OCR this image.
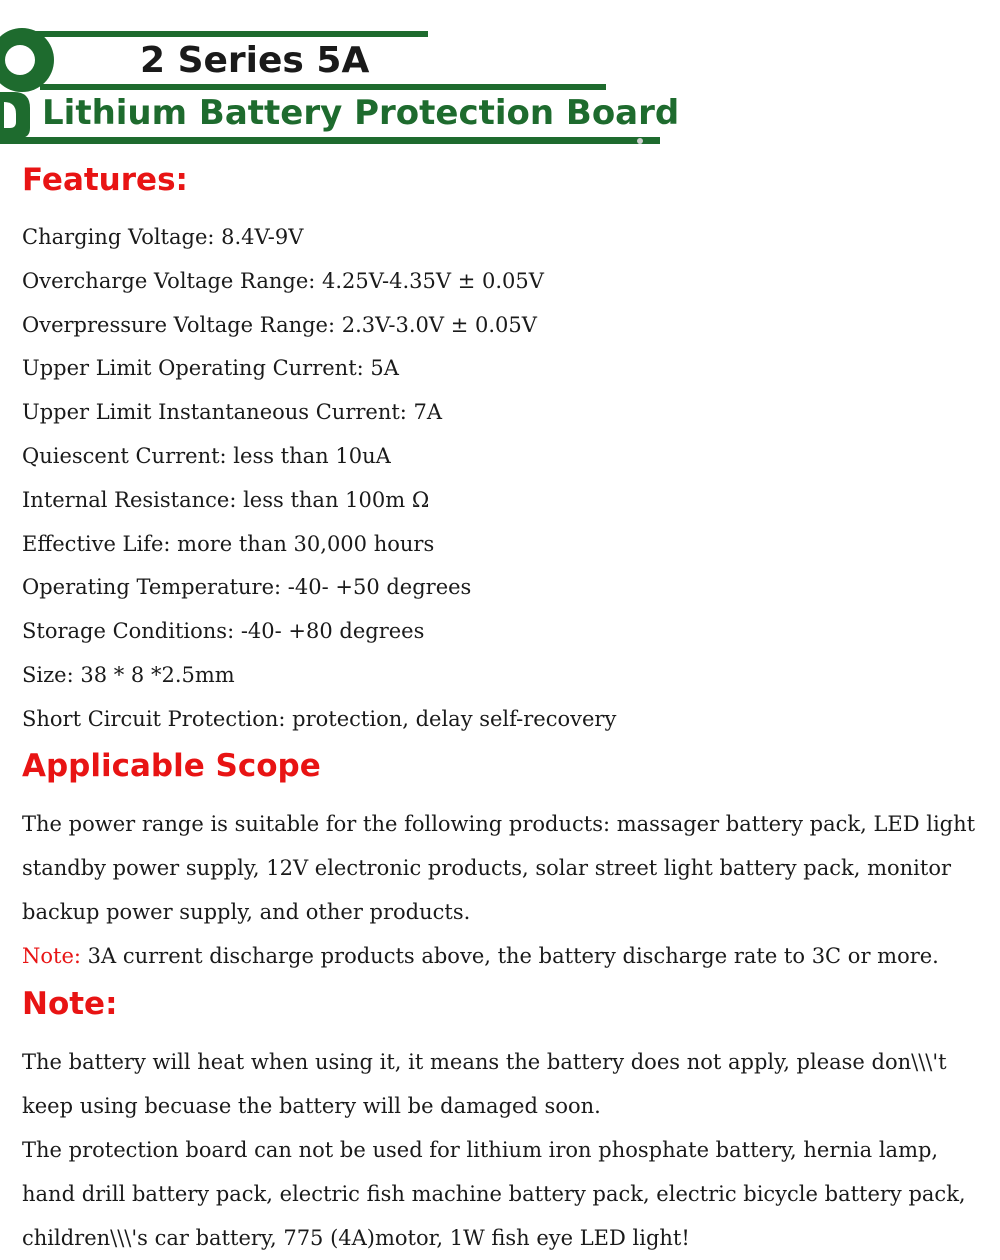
2 Series 5A
Lithium Battery Protection Board
Features:
Charging Voltage: 8.4V-9V
Overcharge Voltage Range: 4.25V-4.35V ± 0.05V
Overpressure Voltage Range: 2.3V-3.0V ± 0.05V
Upper Limit Operating Current: 5A
Upper Limit Instantaneous Current: 7A
Quiescent Current: less than 10uA
Internal Resistance: less than 100m Ω
Effective Life: more than 30,000 hours
Operating Temperature: -40- +50 degrees
Storage Conditions: -40- +80 degrees
Size: 38 * 8 *2.5mm
Short Circuit Protection: protection, delay self-recovery
Applicable Scope

The power range is suitable for the following products: massager battery pack, LED light standby power supply, 12V electronic products, solar street light battery pack, monitor backup power supply, and other products.

Note: 3A current discharge products above, the battery discharge rate to 3C or more.

Note:

The battery will heat when using it, it means the battery does not apply, please don\\\'t keep using becuase the battery will be damaged soon.

The protection board can not be used for lithium iron phosphate battery, hernia lamp, hand drill battery pack, electric fish machine battery pack, electric bicycle battery pack, children\\\'s car battery, 775 (4A)motor, 1W fish eye LED light!
